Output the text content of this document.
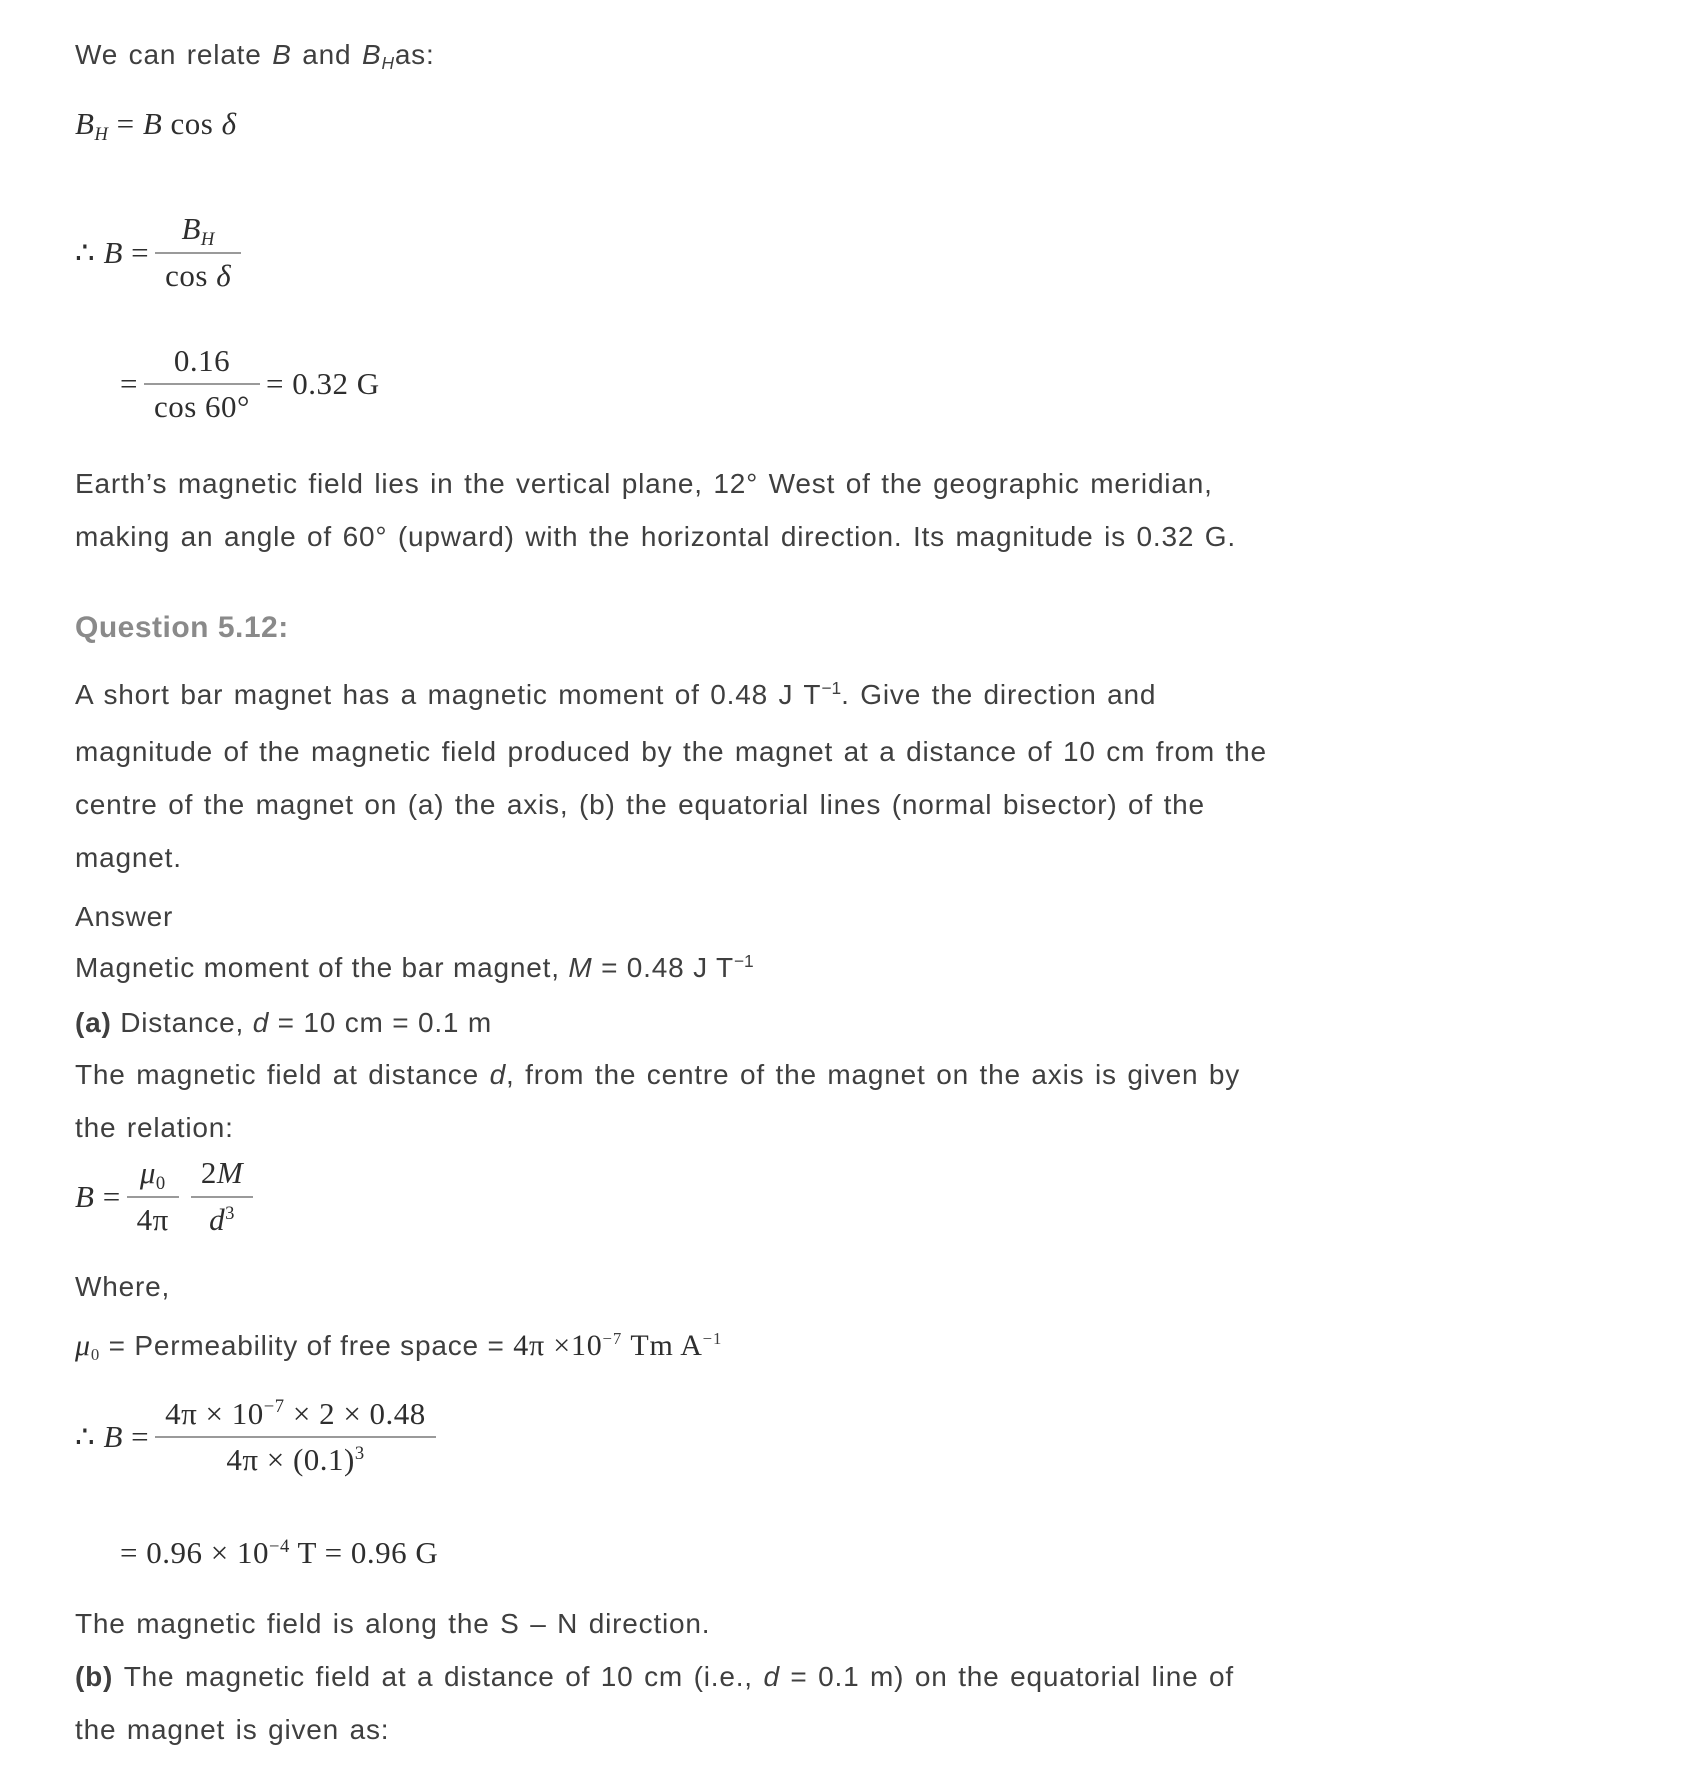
We can relate B and BHas:
BH = B cos δ
∴ $B = \frac{BH}{\text{cos δ}}$
= $\frac{0.16}{\cos 60^\circ} = 0.32$ G
Earth’s magnetic field lies in the vertical plane, 12° West of the geographic meridian,
making an angle of 60° (upward) with the horizontal direction. Its magnitude is 0.32 G.
Question 5.12:
A short bar magnet has a magnetic moment of 0.48 J $T^{-1}$. Give the direction and
magnitude of the magnetic field produced by the magnet at a distance of 10 cm from the
centre of the magnet on (a) the axis, (b) the equatorial lines (normal bisector) of the
magnet.
Answer
Magnetic moment of the bar magnet, M = 0.48 J $T^{-1}$
(a) Distance, d = 10 cm = 0.1 m
The magnetic field at distance d, from the centre of the magnet on the axis is given by
the relation:
$B = \frac{\mu 0}{4\pi} \frac{2M}{d^3}$
Where,
μ0 = Permeability of free space = $4\pi \times 10^{-7}$ Tm $A^{-1}$
∴ $B = \frac{4\pi \times 10^{-7} \times 2 \times 0.48}{4\pi \times (0.1)^3}$
= $0.96 \times 10^{-4}$ T = 0.96 G
The magnetic field is along the S – N direction.
(b) The magnetic field at a distance of 10 cm (i.e., d = 0.1 m) on the equatorial line of
the magnet is given as:
